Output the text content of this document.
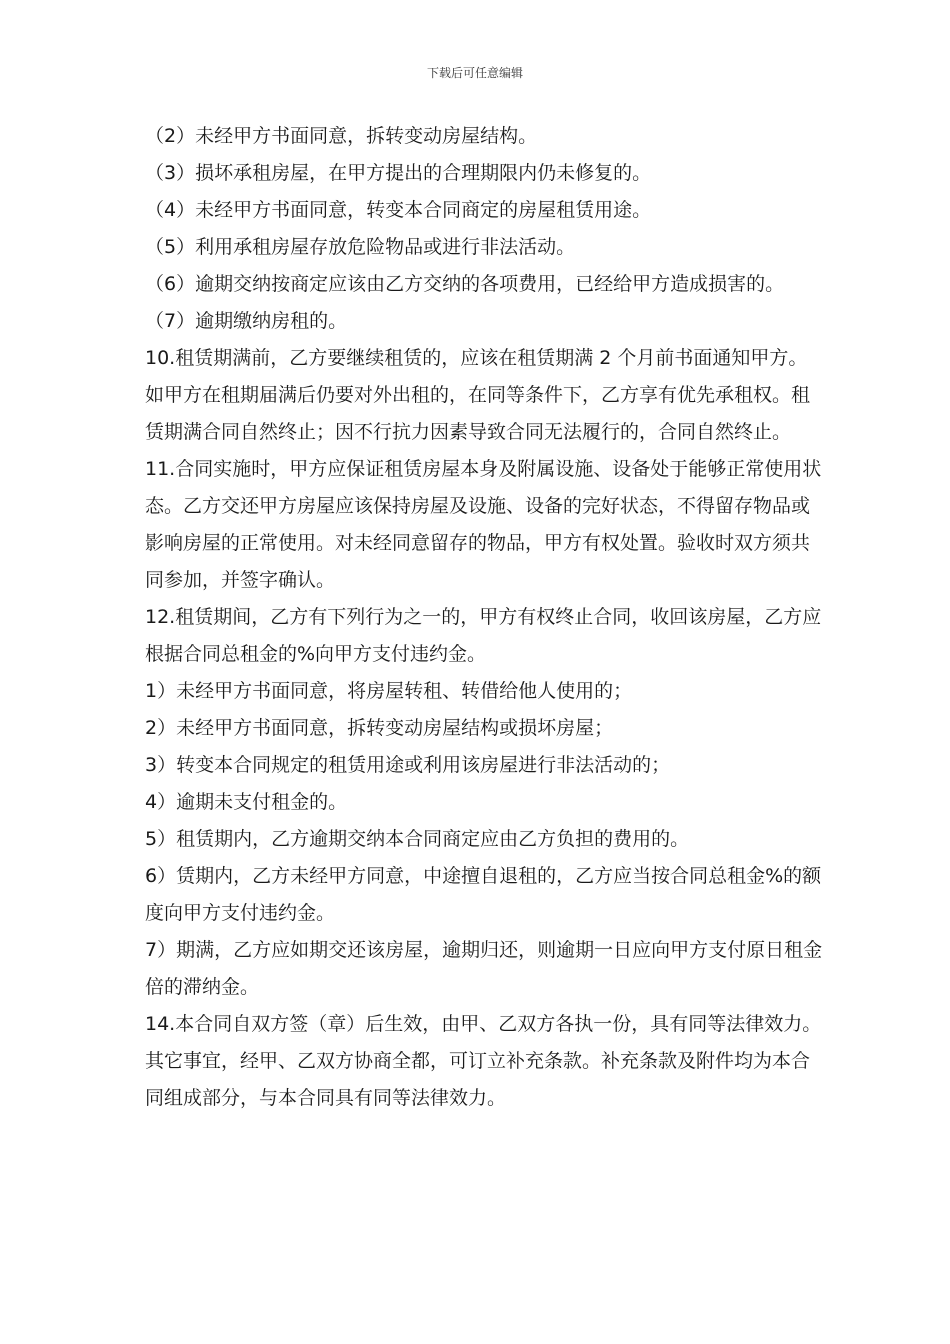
下载后可任意编辑

（2）未经甲方书面同意，拆转变动房屋结构。

（3）损坏承租房屋，在甲方提出的合理期限内仍未修复的。

（4）未经甲方书面同意，转变本合同商定的房屋租赁用途。

（5）利用承租房屋存放危险物品或进行非法活动。

（6）逾期交纳按商定应该由乙方交纳的各项费用，已经给甲方造成损害的。

（7）逾期缴纳房租的。

10.租赁期满前，乙方要继续租赁的，应该在租赁期满 2 个月前书面通知甲方。如甲方在租期届满后仍要对外出租的，在同等条件下，乙方享有优先承租权。租赁期满合同自然终止；因不行抗力因素导致合同无法履行的，合同自然终止。

11.合同实施时，甲方应保证租赁房屋本身及附属设施、设备处于能够正常使用状态。乙方交还甲方房屋应该保持房屋及设施、设备的完好状态，不得留存物品或影响房屋的正常使用。对未经同意留存的物品，甲方有权处置。验收时双方须共同参加，并签字确认。

12.租赁期间，乙方有下列行为之一的，甲方有权终止合同，收回该房屋，乙方应根据合同总租金的%向甲方支付违约金。

1）未经甲方书面同意，将房屋转租、转借给他人使用的；

2）未经甲方书面同意，拆转变动房屋结构或损坏房屋；

3）转变本合同规定的租赁用途或利用该房屋进行非法活动的；

4）逾期未支付租金的。

5）租赁期内，乙方逾期交纳本合同商定应由乙方负担的费用的。

6）赁期内，乙方未经甲方同意，中途擅自退租的，乙方应当按合同总租金%的额度向甲方支付违约金。

7）期满，乙方应如期交还该房屋，逾期归还，则逾期一日应向甲方支付原日租金倍的滞纳金。

14.本合同自双方签（章）后生效，由甲、乙双方各执一份，具有同等法律效力。其它事宜，经甲、乙双方协商全都，可订立补充条款。补充条款及附件均为本合同组成部分，与本合同具有同等法律效力。
